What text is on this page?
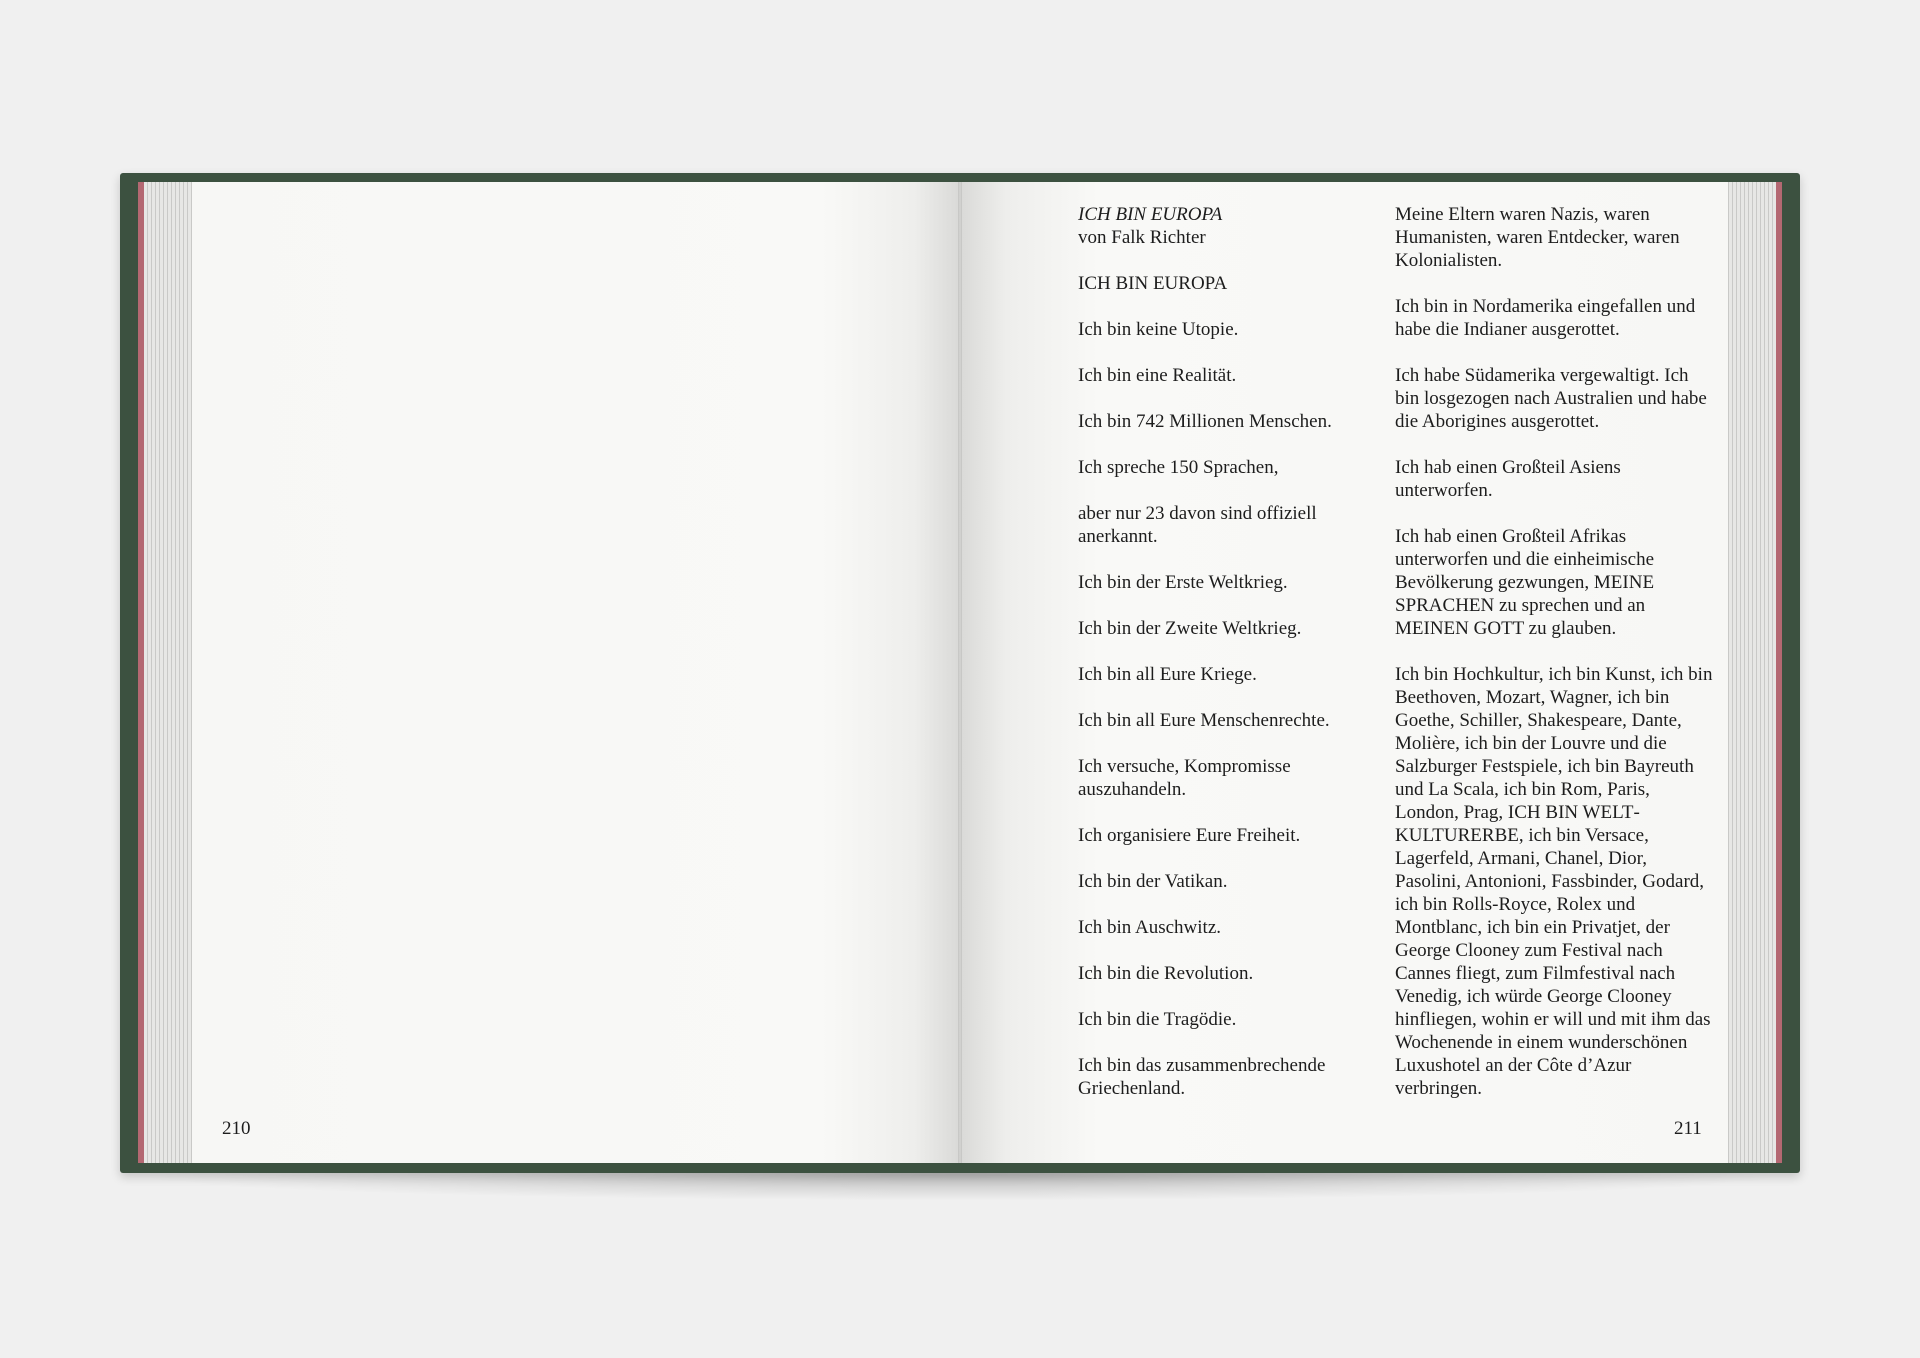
ICH BIN EUROPA

von Falk Richter

ICH BIN EUROPA

Ich bin keine Utopie.

Ich bin eine Realität.

Ich bin 742 Millionen Menschen.

Ich spreche 150 Sprachen,

aber nur 23 davon sind offiziell anerkannt.

Ich bin der Erste Weltkrieg.

Ich bin der Zweite Weltkrieg.

Ich bin all Eure Kriege.

Ich bin all Eure Menschenrechte.

Ich versuche, Kompromisse auszuhandeln.

Ich organisiere Eure Freiheit.

Ich bin der Vatikan.

Ich bin Auschwitz.

Ich bin die Revolution.

Ich bin die Tragödie.

Ich bin das zusammenbrechende Griechenland.

Meine Eltern waren Nazis, waren Humanisten, waren Entdecker, waren Kolonialisten.

Ich bin in Nordamerika eingefallen und habe die Indianer ausgerottet.

Ich habe Südamerika vergewaltigt. Ich bin losgezogen nach Australien und habe die Aborigines ausgerottet.

Ich hab einen Großteil Asiens unterworfen.

Ich hab einen Großteil Afrikas unterworfen und die einheimische Bevölkerung gezwungen, MEINE SPRACHEN zu sprechen und an MEINEN GOTT zu glauben.

Ich bin Hochkultur, ich bin Kunst, ich bin Beethoven, Mozart, Wagner, ich bin Goethe, Schiller, Shakespeare, Dante, Molière, ich bin der Louvre und die Salzburger Festspiele, ich bin Bayreuth und La Scala, ich bin Rom, Paris, London, Prag, ICH BIN WELTKULTURERBE, ich bin Versace, Lagerfeld, Armani, Chanel, Dior, Pasolini, Antonioni, Fassbinder, Godard, ich bin Rolls-Royce, Rolex und Montblanc, ich bin ein Privatjet, der George Clooney zum Festival nach Cannes fliegt, zum Filmfestival nach Venedig, ich würde George Clooney hinfliegen, wohin er will und mit ihm das Wochenende in einem wunderschönen Luxushotel an der Côte d’Azur verbringen.

210	211
